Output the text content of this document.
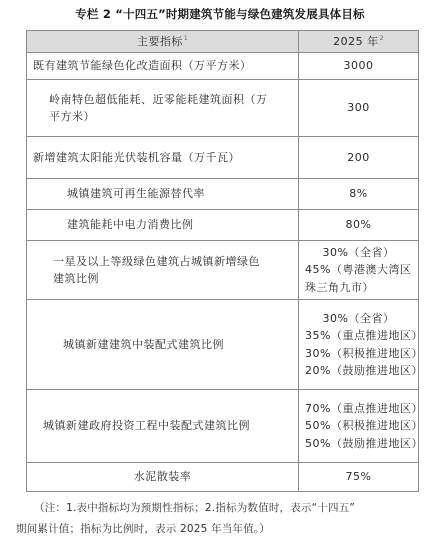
专栏 2 “十四五”时期建筑节能与绿色建筑发展具体目标
主要指标$^1$	2025 年$^2$
既有建筑节能绿色化改造面积（万平方米）	3000
岭南特色超低能耗、近零能耗建筑面积（万平方米）	300
新增建筑太阳能光伏装机容量（万千瓦）	200
城镇建筑可再生能源替代率	8%
建筑能耗中电力消费比例	80%
一星及以上等级绿色建筑占城镇新增绿色建筑比例	30%（全省）
45%（粤港澳大湾区珠三角九市）

城镇新建建筑中装配式建筑比例	30%（全省）
35%（重点推进地区）
30%（积极推进地区）
20%（鼓励推进地区）

城镇新建政府投资工程中装配式建筑比例	70%（重点推进地区）
50%（积极推进地区）
50%（鼓励推进地区）

水泥散装率	75%
（注：1.表中指标均为预期性指标；2.指标为数值时，表示“十四五”
期间累计值；指标为比例时，表示 2025 年当年值。）
